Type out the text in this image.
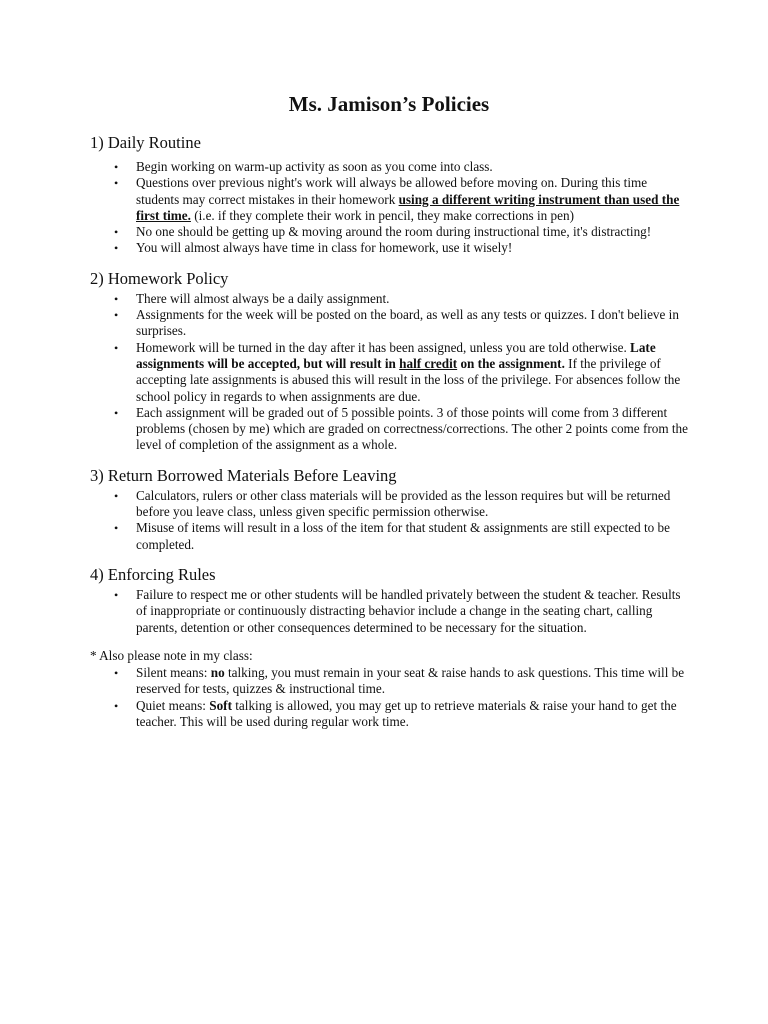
Ms. Jamison’s Policies
1) Daily Routine
• Begin working on warm-up activity as soon as you come into class.
• Questions over previous night's work will always be allowed before moving on. During this time students may correct mistakes in their homework using a different writing instrument than used the first time. (i.e. if they complete their work in pencil, they make corrections in pen)
• No one should be getting up & moving around the room during instructional time, it's distracting!
• You will almost always have time in class for homework, use it wisely!
2) Homework Policy
• There will almost always be a daily assignment.
• Assignments for the week will be posted on the board, as well as any tests or quizzes. I don't believe in surprises.
• Homework will be turned in the day after it has been assigned, unless you are told otherwise. Late assignments will be accepted, but will result in half credit on the assignment. If the privilege of accepting late assignments is abused this will result in the loss of the privilege. For absences follow the school policy in regards to when assignments are due.
• Each assignment will be graded out of 5 possible points. 3 of those points will come from 3 different problems (chosen by me) which are graded on correctness/corrections. The other 2 points come from the level of completion of the assignment as a whole.
3) Return Borrowed Materials Before Leaving
• Calculators, rulers or other class materials will be provided as the lesson requires but will be returned before you leave class, unless given specific permission otherwise.
• Misuse of items will result in a loss of the item for that student & assignments are still expected to be completed.
4) Enforcing Rules
• Failure to respect me or other students will be handled privately between the student & teacher. Results of inappropriate or continuously distracting behavior include a change in the seating chart, calling parents, detention or other consequences determined to be necessary for the situation.
* Also please note in my class:
• Silent means: no talking, you must remain in your seat & raise hands to ask questions. This time will be reserved for tests, quizzes & instructional time.
• Quiet means: Soft talking is allowed, you may get up to retrieve materials & raise your hand to get the teacher. This will be used during regular work time.
